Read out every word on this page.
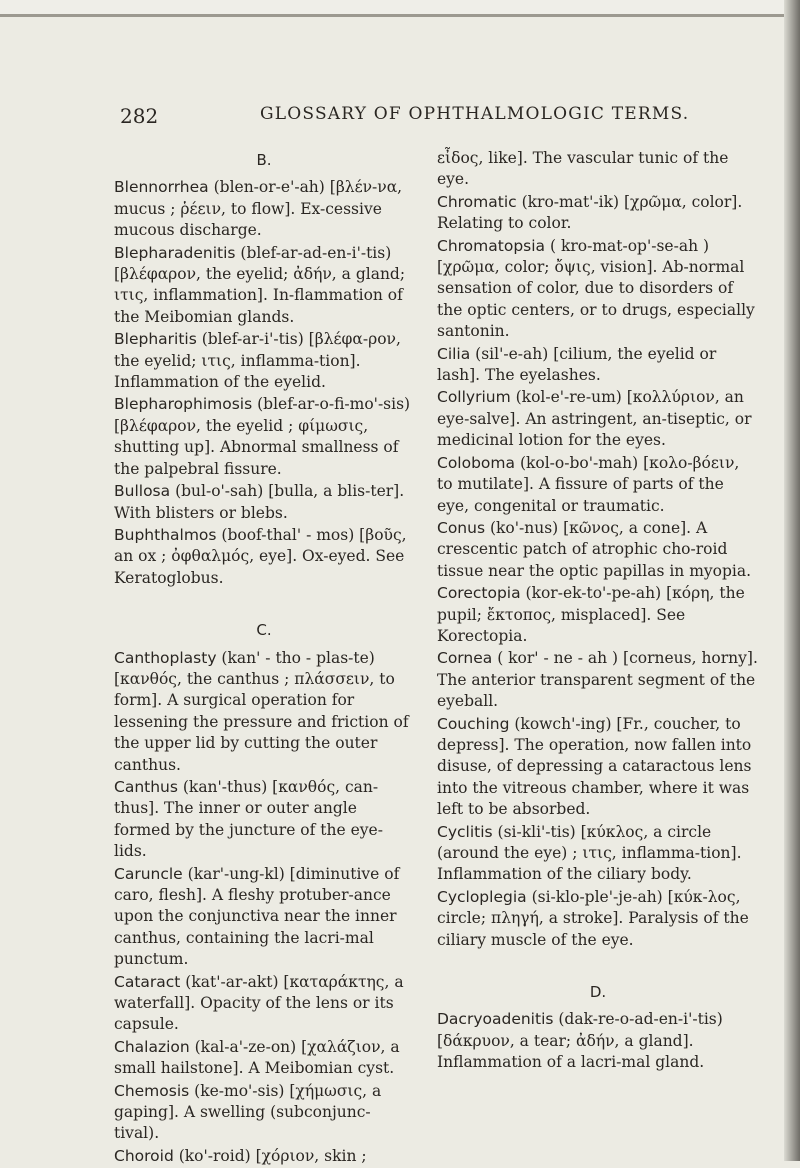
282	GLOSSARY OF OPHTHALMOLOGIC TERMS.
B.
Blennorrhea (blen-or-e'-ah) [βλέν-να, mucus ; ῥέειν, to flow]. Ex-cessive mucous discharge.
Blepharadenitis (blef-ar-ad-en-i'-tis) [βλέφαρον, the eyelid; ἀδήν, a gland; ιτις, inflammation]. In-flammation of the Meibomian glands.
Blepharitis (blef-ar-i'-tis) [βλέφα-ρον, the eyelid; ιτις, inflamma-tion]. Inflammation of the eyelid.
Blepharophimosis (blef-ar-o-fi-mo'-sis) [βλέφαρον, the eyelid ; φίμωσις, shutting up]. Abnormal smallness of the palpebral fissure.
Bullosa (bul-o'-sah) [bulla, a blis-ter]. With blisters or blebs.
Buphthalmos (boof-thal' - mos) [βοῦς, an ox ; ὀφθαλμός, eye]. Ox-eyed. See Keratoglobus.
C.
Canthoplasty (kan' - tho - plas-te) [κανθός, the canthus ; πλάσσειν, to form]. A surgical operation for lessening the pressure and friction of the upper lid by cutting the outer canthus.
Canthus (kan'-thus) [κανθός, can-thus]. The inner or outer angle formed by the juncture of the eye-lids.
Caruncle (kar'-ung-kl) [diminutive of caro, flesh]. A fleshy protuber-ance upon the conjunctiva near the inner canthus, containing the lacri-mal punctum.
Cataract (kat'-ar-akt) [καταράκτης, a waterfall]. Opacity of the lens or its capsule.
Chalazion (kal-a'-ze-on) [χαλάζιον, a small hailstone]. A Meibomian cyst.
Chemosis (ke-mo'-sis) [χήμωσις, a gaping]. A swelling (subconjunc-tival).
Choroid (ko'-roid) [χόριον, skin ;
εἶδος, like]. The vascular tunic of the eye.
Chromatic (kro-mat'-ik) [χρῶμα, color]. Relating to color.
Chromatopsia ( kro-mat-op'-se-ah ) [χρῶμα, color; ὄψις, vision]. Ab-normal sensation of color, due to disorders of the optic centers, or to drugs, especially santonin.
Cilia (sil'-e-ah) [cilium, the eyelid or lash]. The eyelashes.
Collyrium (kol-e'-re-um) [κολλύριον, an eye-salve]. An astringent, an-tiseptic, or medicinal lotion for the eyes.
Coloboma (kol-o-bo'-mah) [κολο-βόειν, to mutilate]. A fissure of parts of the eye, congenital or traumatic.
Conus (ko'-nus) [κῶνος, a cone]. A crescentic patch of atrophic cho-roid tissue near the optic papillas in myopia.
Corectopia (kor-ek-to'-pe-ah) [κόρη, the pupil; ἔκτοπος, misplaced]. See Korectopia.
Cornea ( kor' - ne - ah ) [corneus, horny]. The anterior transparent segment of the eyeball.
Couching (kowch'-ing) [Fr., coucher, to depress]. The operation, now fallen into disuse, of depressing a cataractous lens into the vitreous chamber, where it was left to be absorbed.
Cyclitis (si-kli'-tis) [κύκλος, a circle (around the eye) ; ιτις, inflamma-tion]. Inflammation of the ciliary body.
Cycloplegia (si-klo-ple'-je-ah) [κύκ-λος, circle; πληγή, a stroke]. Paralysis of the ciliary muscle of the eye.
D.
Dacryoadenitis (dak-re-o-ad-en-i'-tis) [δάκρυον, a tear; ἀδήν, a gland]. Inflammation of a lacri-mal gland.
